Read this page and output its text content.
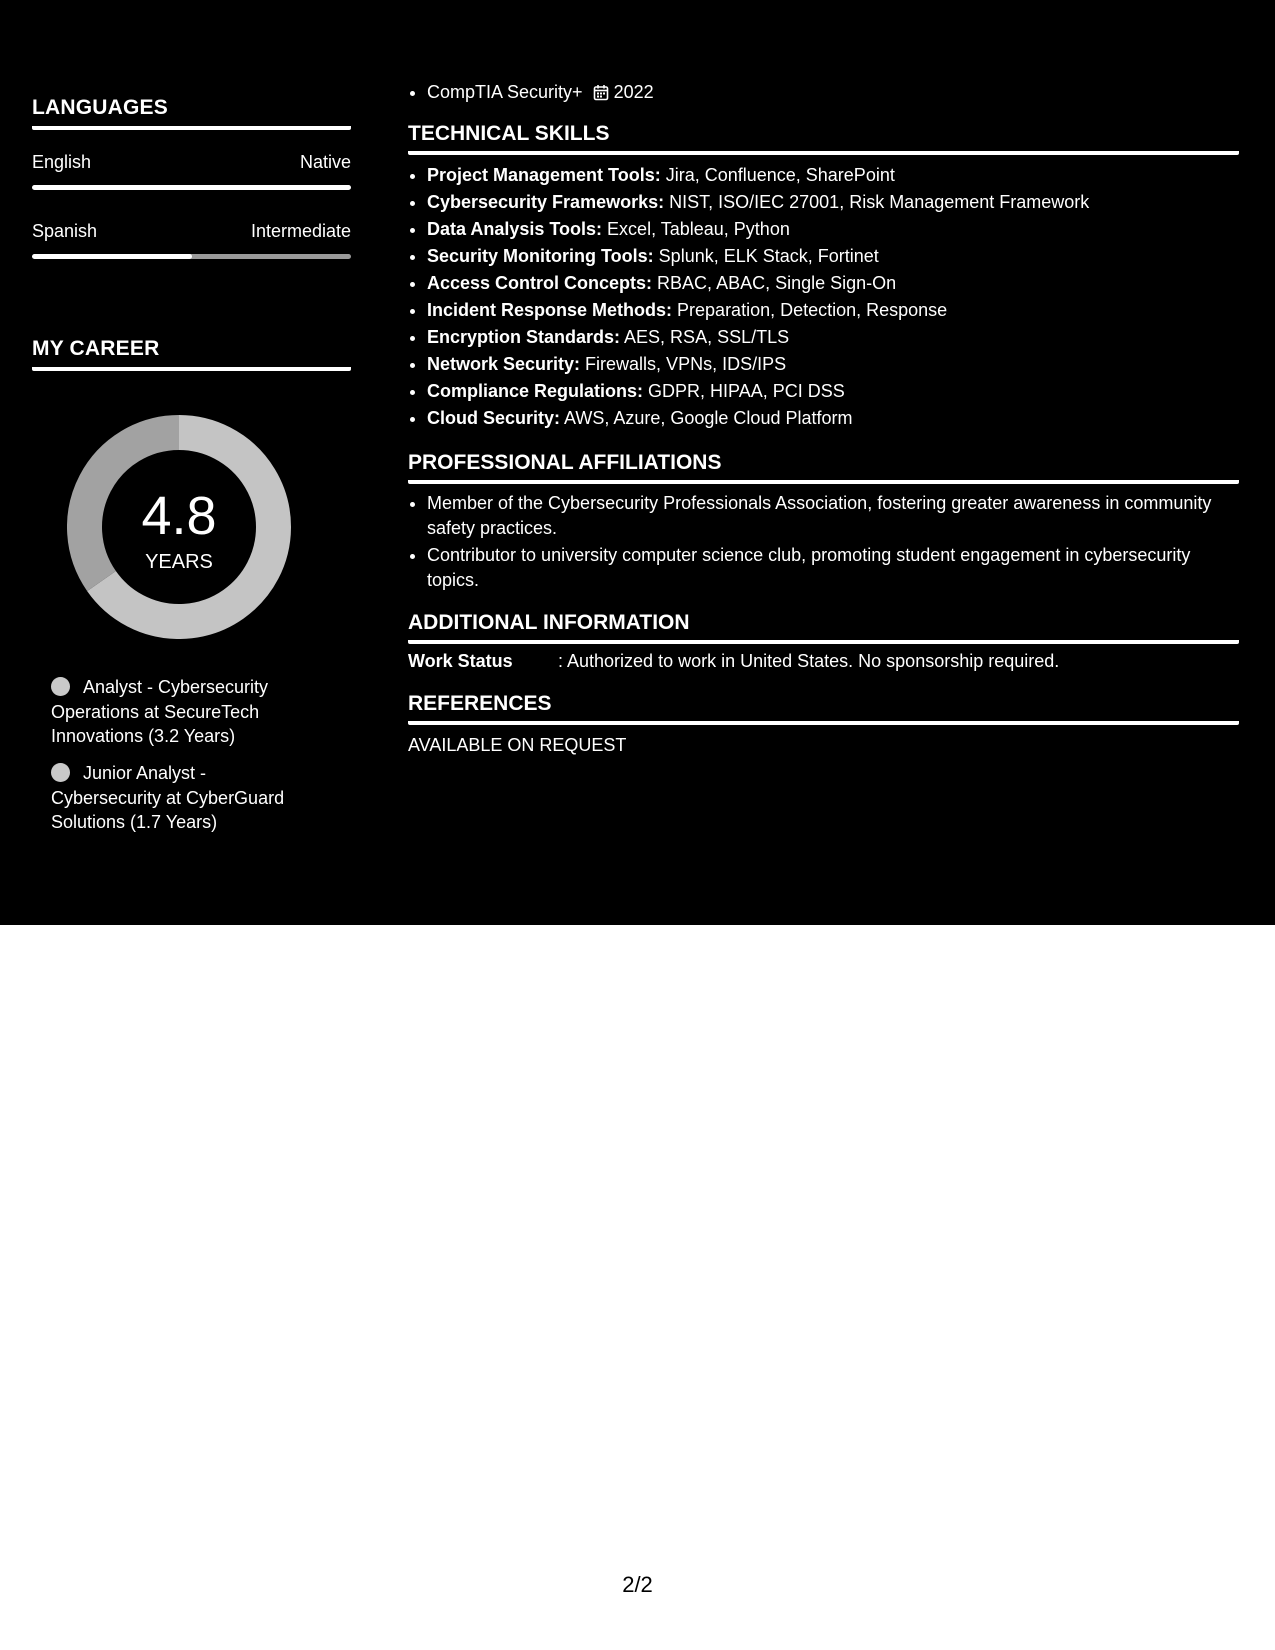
LANGUAGES
English	Native
Spanish	Intermediate
MY CAREER
4.8
YEARS
Analyst - Cybersecurity Operations at SecureTech Innovations (3.2 Years)
Junior Analyst - Cybersecurity at CyberGuard Solutions (1.7 Years)
• CompTIA Security+ 2022
TECHNICAL SKILLS
• Project Management Tools: Jira, Confluence, SharePoint
• Cybersecurity Frameworks: NIST, ISO/IEC 27001, Risk Management Framework
• Data Analysis Tools: Excel, Tableau, Python
• Security Monitoring Tools: Splunk, ELK Stack, Fortinet
• Access Control Concepts: RBAC, ABAC, Single Sign-On
• Incident Response Methods: Preparation, Detection, Response
• Encryption Standards: AES, RSA, SSL/TLS
• Network Security: Firewalls, VPNs, IDS/IPS
• Compliance Regulations: GDPR, HIPAA, PCI DSS
• Cloud Security: AWS, Azure, Google Cloud Platform
PROFESSIONAL AFFILIATIONS
• Member of the Cybersecurity Professionals Association, fostering greater awareness in community safety practices.
• Contributor to university computer science club, promoting student engagement in cybersecurity topics.
ADDITIONAL INFORMATION
Work Status	: Authorized to work in United States. No sponsorship required.
REFERENCES
AVAILABLE ON REQUEST
2/2
